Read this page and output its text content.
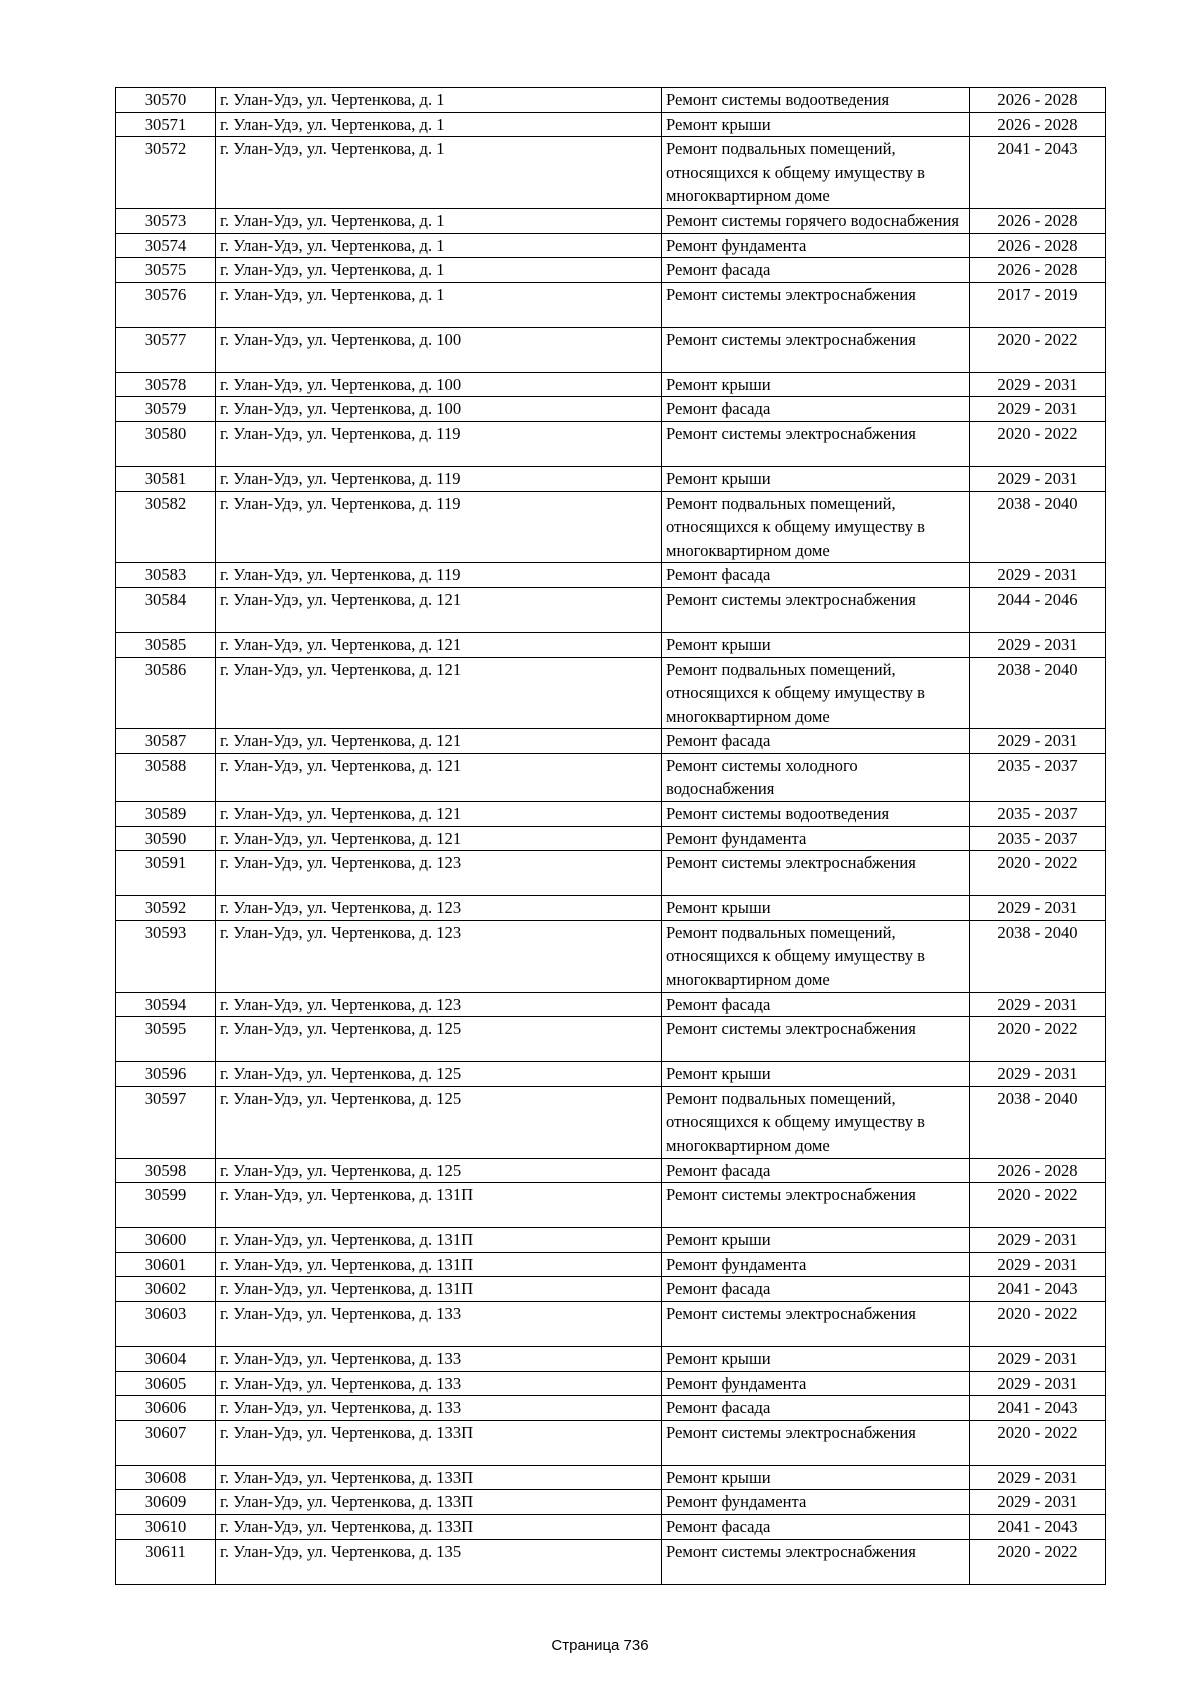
30570	г. Улан-Удэ, ул. Чертенкова, д. 1	Ремонт системы водоотведения	2026 - 2028
30571	г. Улан-Удэ, ул. Чертенкова, д. 1	Ремонт крыши	2026 - 2028
30572	г. Улан-Удэ, ул. Чертенкова, д. 1	Ремонт подвальных помещений, относящихся к общему имуществу в многоквартирном доме	2041 - 2043
30573	г. Улан-Удэ, ул. Чертенкова, д. 1	Ремонт системы горячего водоснабжения	2026 - 2028
30574	г. Улан-Удэ, ул. Чертенкова, д. 1	Ремонт фундамента	2026 - 2028
30575	г. Улан-Удэ, ул. Чертенкова, д. 1	Ремонт фасада	2026 - 2028
30576	г. Улан-Удэ, ул. Чертенкова, д. 1	Ремонт системы электроснабжения	2017 - 2019
30577	г. Улан-Удэ, ул. Чертенкова, д. 100	Ремонт системы электроснабжения	2020 - 2022
30578	г. Улан-Удэ, ул. Чертенкова, д. 100	Ремонт крыши	2029 - 2031
30579	г. Улан-Удэ, ул. Чертенкова, д. 100	Ремонт фасада	2029 - 2031
30580	г. Улан-Удэ, ул. Чертенкова, д. 119	Ремонт системы электроснабжения	2020 - 2022
30581	г. Улан-Удэ, ул. Чертенкова, д. 119	Ремонт крыши	2029 - 2031
30582	г. Улан-Удэ, ул. Чертенкова, д. 119	Ремонт подвальных помещений, относящихся к общему имуществу в многоквартирном доме	2038 - 2040
30583	г. Улан-Удэ, ул. Чертенкова, д. 119	Ремонт фасада	2029 - 2031
30584	г. Улан-Удэ, ул. Чертенкова, д. 121	Ремонт системы электроснабжения	2044 - 2046
30585	г. Улан-Удэ, ул. Чертенкова, д. 121	Ремонт крыши	2029 - 2031
30586	г. Улан-Удэ, ул. Чертенкова, д. 121	Ремонт подвальных помещений, относящихся к общему имуществу в многоквартирном доме	2038 - 2040
30587	г. Улан-Удэ, ул. Чертенкова, д. 121	Ремонт фасада	2029 - 2031
30588	г. Улан-Удэ, ул. Чертенкова, д. 121	Ремонт системы холодного водоснабжения	2035 - 2037
30589	г. Улан-Удэ, ул. Чертенкова, д. 121	Ремонт системы водоотведения	2035 - 2037
30590	г. Улан-Удэ, ул. Чертенкова, д. 121	Ремонт фундамента	2035 - 2037
30591	г. Улан-Удэ, ул. Чертенкова, д. 123	Ремонт системы электроснабжения	2020 - 2022
30592	г. Улан-Удэ, ул. Чертенкова, д. 123	Ремонт крыши	2029 - 2031
30593	г. Улан-Удэ, ул. Чертенкова, д. 123	Ремонт подвальных помещений, относящихся к общему имуществу в многоквартирном доме	2038 - 2040
30594	г. Улан-Удэ, ул. Чертенкова, д. 123	Ремонт фасада	2029 - 2031
30595	г. Улан-Удэ, ул. Чертенкова, д. 125	Ремонт системы электроснабжения	2020 - 2022
30596	г. Улан-Удэ, ул. Чертенкова, д. 125	Ремонт крыши	2029 - 2031
30597	г. Улан-Удэ, ул. Чертенкова, д. 125	Ремонт подвальных помещений, относящихся к общему имуществу в многоквартирном доме	2038 - 2040
30598	г. Улан-Удэ, ул. Чертенкова, д. 125	Ремонт фасада	2026 - 2028
30599	г. Улан-Удэ, ул. Чертенкова, д. 131П	Ремонт системы электроснабжения	2020 - 2022
30600	г. Улан-Удэ, ул. Чертенкова, д. 131П	Ремонт крыши	2029 - 2031
30601	г. Улан-Удэ, ул. Чертенкова, д. 131П	Ремонт фундамента	2029 - 2031
30602	г. Улан-Удэ, ул. Чертенкова, д. 131П	Ремонт фасада	2041 - 2043
30603	г. Улан-Удэ, ул. Чертенкова, д. 133	Ремонт системы электроснабжения	2020 - 2022
30604	г. Улан-Удэ, ул. Чертенкова, д. 133	Ремонт крыши	2029 - 2031
30605	г. Улан-Удэ, ул. Чертенкова, д. 133	Ремонт фундамента	2029 - 2031
30606	г. Улан-Удэ, ул. Чертенкова, д. 133	Ремонт фасада	2041 - 2043
30607	г. Улан-Удэ, ул. Чертенкова, д. 133П	Ремонт системы электроснабжения	2020 - 2022
30608	г. Улан-Удэ, ул. Чертенкова, д. 133П	Ремонт крыши	2029 - 2031
30609	г. Улан-Удэ, ул. Чертенкова, д. 133П	Ремонт фундамента	2029 - 2031
30610	г. Улан-Удэ, ул. Чертенкова, д. 133П	Ремонт фасада	2041 - 2043
30611	г. Улан-Удэ, ул. Чертенкова, д. 135	Ремонт системы электроснабжения	2020 - 2022
Страница 736
